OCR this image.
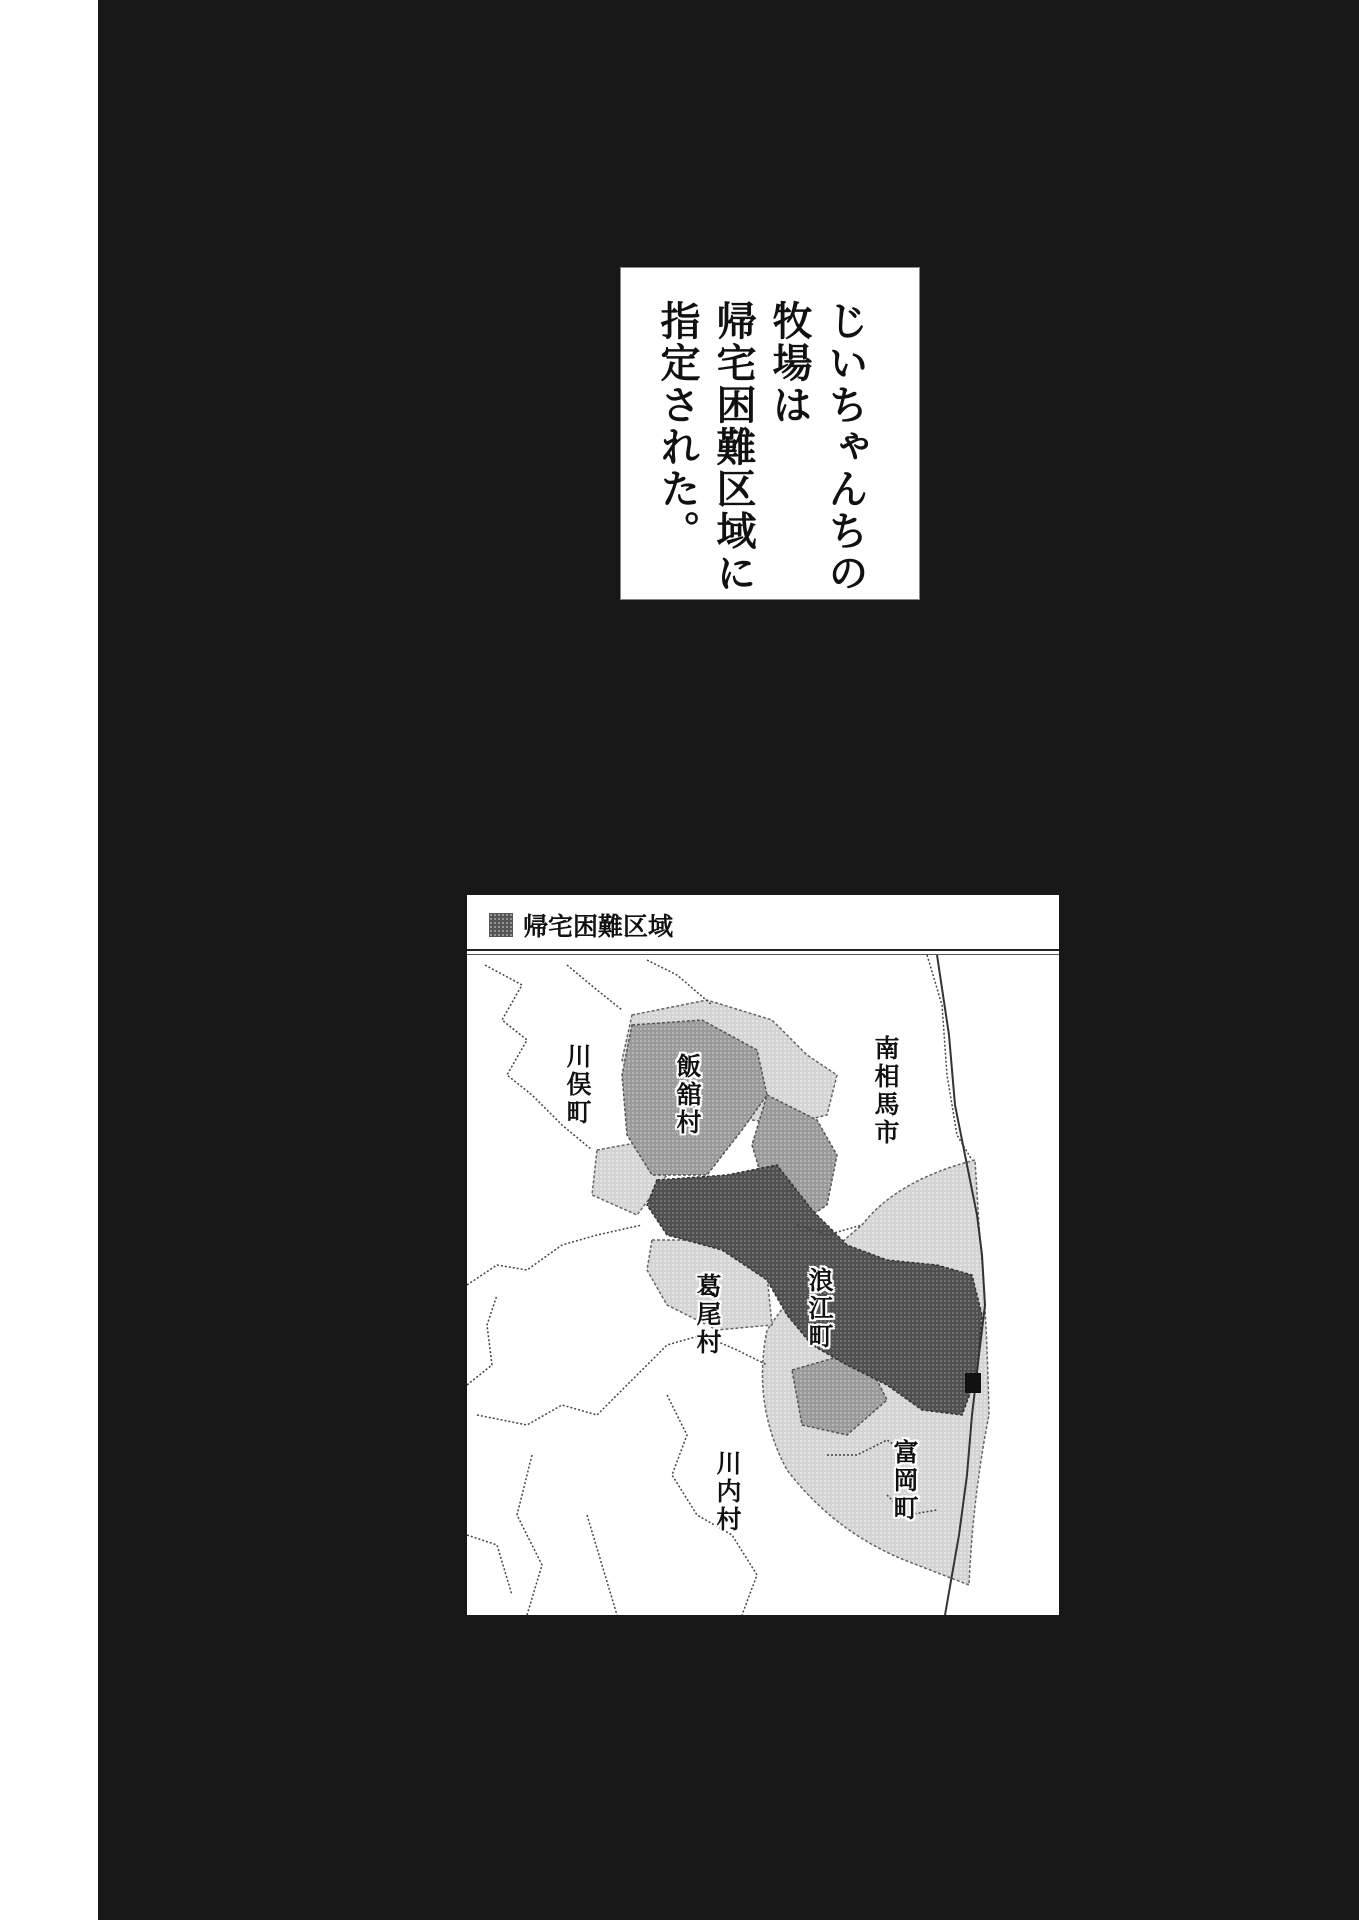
じいちゃんちの
牧場は
帰宅困難区域に
指定された。
帰宅困難区域
川俣町	飯舘村	南相馬市
葛尾村	浪江町
富岡町
川内村
